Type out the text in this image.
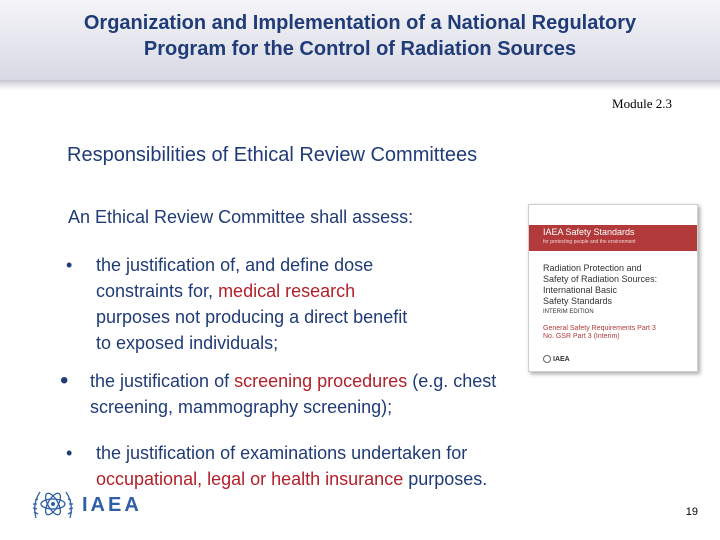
Organization and Implementation of a National Regulatory
Program for the Control of Radiation Sources
Module 2.3
Responsibilities of Ethical Review Committees
An Ethical Review Committee shall assess:
• the justification of, and define dose
constraints for, medical research
purposes not producing a direct benefit
to exposed individuals;
• the justification of screening procedures (e.g. chest
screening, mammography screening);
• the justification of examinations undertaken for
occupational, legal or health insurance purposes.
IAEA Safety Standards
for protecting people and the environment
Radiation Protection and
Safety of Radiation Sources:
International Basic
Safety Standards
INTERIM EDITION
General Safety Requirements Part 3
No. GSR Part 3 (Interim)
IAEA
IAEA	19
